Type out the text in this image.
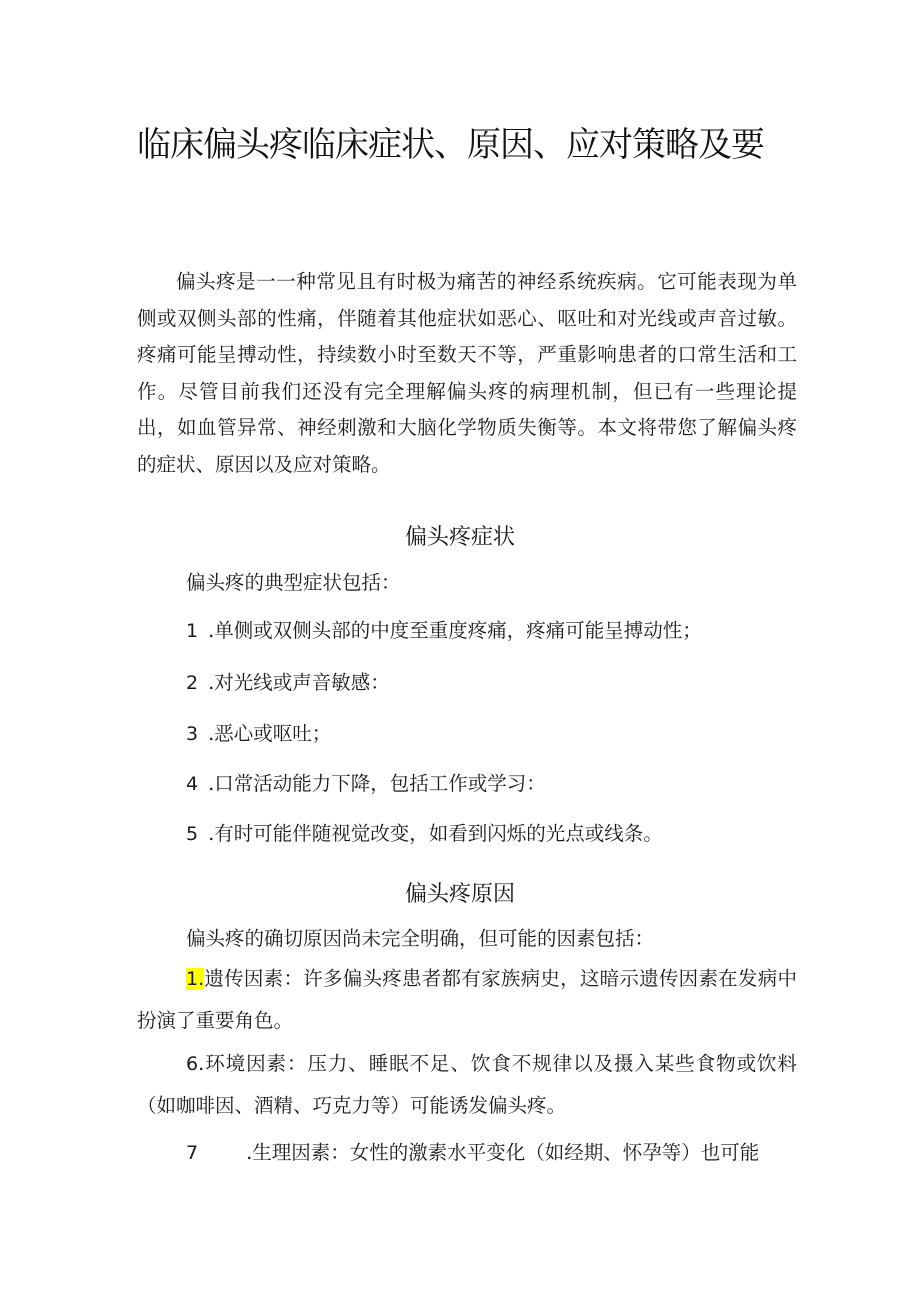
临床偏头疼临床症状、原因、应对策略及要

偏头疼是一一种常见且有时极为痛苦的神经系统疾病。它可能表现为单侧或双侧头部的性痛，伴随着其他症状如恶心、呕吐和对光线或声音过敏。疼痛可能呈搏动性，持续数小时至数天不等，严重影响患者的口常生活和工作。尽管目前我们还没有完全理解偏头疼的病理机制，但已有一些理论提出，如血管异常、神经刺激和大脑化学物质失衡等。本文将带您了解偏头疼的症状、原因以及应对策略。

偏头疼症状

偏头疼的典型症状包括：

1 .单侧或双侧头部的中度至重度疼痛，疼痛可能呈搏动性；

2 .对光线或声音敏感：

3 .恶心或呕吐；

4 .口常活动能力下降，包括工作或学习：

5 .有时可能伴随视觉改变，如看到闪烁的光点或线条。

偏头疼原因

偏头疼的确切原因尚未完全明确，但可能的因素包括：

1.遗传因素：许多偏头疼患者都有家族病史，这暗示遗传因素在发病中扮演了重要角色。

6.环境因素：压力、睡眠不足、饮食不规律以及摄入某些食物或饮料（如咖啡因、酒精、巧克力等）可能诱发偏头疼。

7 .生理因素：女性的激素水平变化（如经期、怀孕等）也可能
